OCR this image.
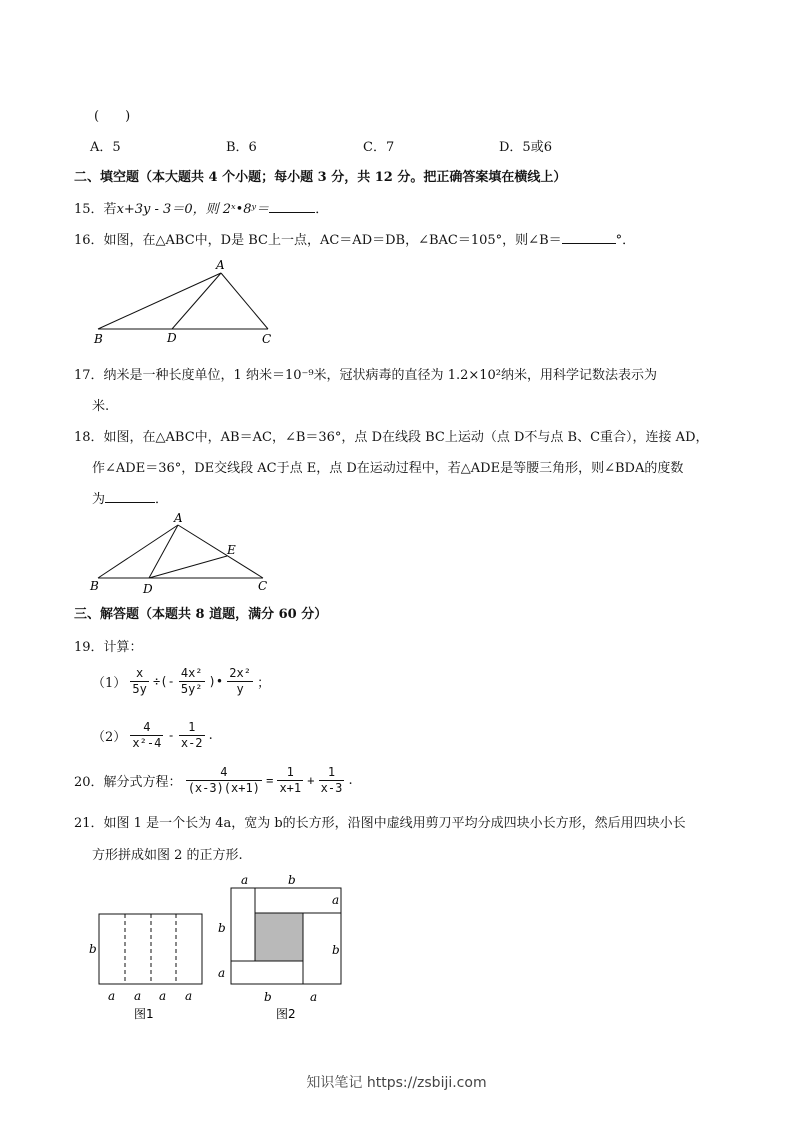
(　　)
A．5	B．6	C．7	D．5或6
二、填空题（本大题共 4 个小题；每小题 3 分，共 12 分。把正确答案填在横线上）
15．若x+3y - 3＝0，则 2ˣ•8ʸ＝	．
16．如图，在△ABC中，D是 BC上一点，AC＝AD＝DB，∠BAC＝105°，则∠B＝	°．
A
B	D	C
17．纳米是一种长度单位，1 纳米＝10⁻⁹米，冠状病毒的直径为 1.2×10²纳米，用科学记数法表示为
米.
18．如图，在△ABC中，AB＝AC，∠B＝36°，点 D在线段 BC上运动（点 D不与点 B、C重合），连接 AD，
作∠ADE＝36°，DE交线段 AC于点 E，点 D在运动过程中，若△ADE是等腰三角形，则∠BDA的度数
为	．
A
B	D
E
C
三、解答题（本题共 8 道题，满分 60 分）
19．计算：
$(1) \frac{x}{5y}$ ÷(- $\frac{\text{4x²}}{\text{5y²}}$ )• $\frac{\text{2x²}}{y}$ ；
$(2) \frac{4}{\text{x²-4}} - \frac{1}{x-2}$ .
20．解分式方程： $\frac{4}{(x-3)(x+1)} = \frac{1}{x+1} + \frac{1}{x-3}$ .
21．如图 1 是一个长为 4a，宽为 b的长方形，沿图中虚线用剪刀平均分成四块小长方形，然后用四块小长
方形拼成如图 2 的正方形.
b
a a a a
图1
a	b
a
b
b
a
b	a
图2
知识笔记 https://zsbiji.com
